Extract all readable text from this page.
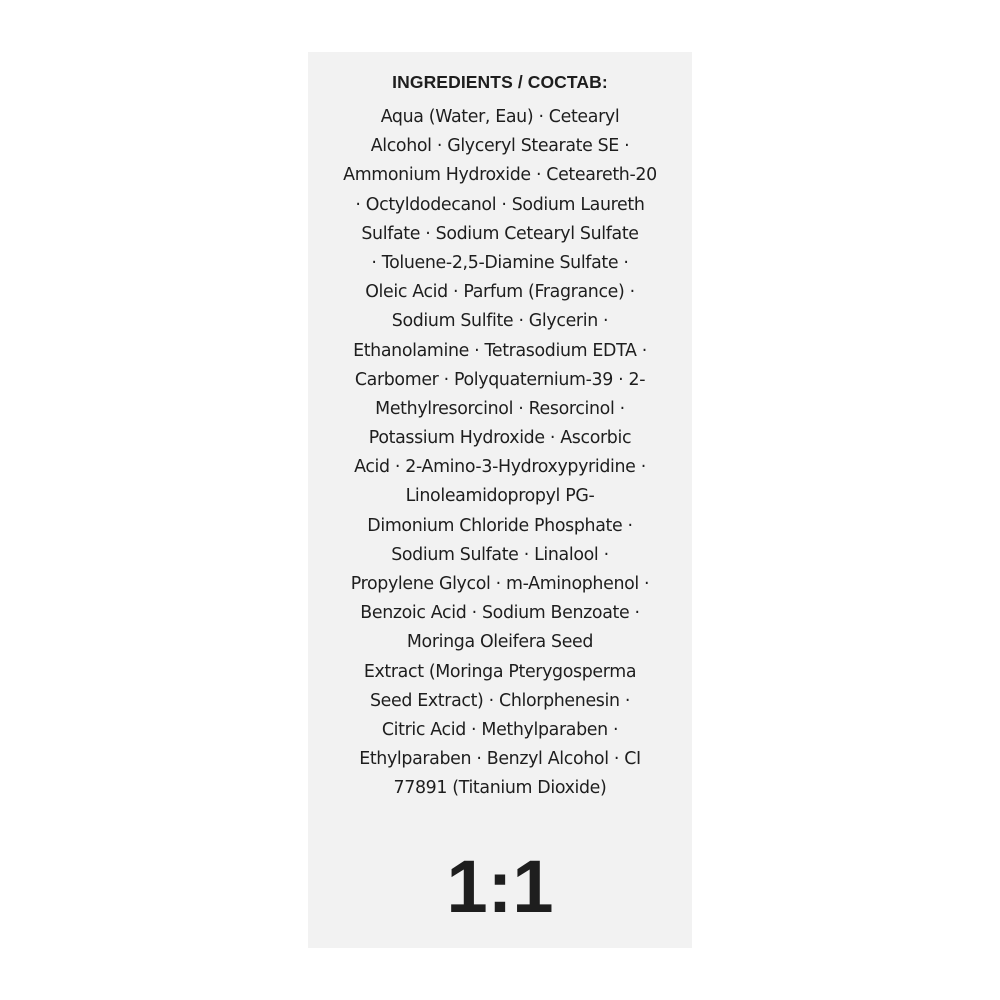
INGREDIENTS / COCTAB:
Aqua (Water, Eau) · Cetearyl
Alcohol · Glyceryl Stearate SE ·
Ammonium Hydroxide · Ceteareth-20
· Octyldodecanol · Sodium Laureth
Sulfate · Sodium Cetearyl Sulfate
· Toluene-2,5-Diamine Sulfate ·
Oleic Acid · Parfum (Fragrance) ·
Sodium Sulfite · Glycerin ·
Ethanolamine · Tetrasodium EDTA ·
Carbomer · Polyquaternium-39 · 2-
Methylresorcinol · Resorcinol ·
Potassium Hydroxide · Ascorbic
Acid · 2-Amino-3-Hydroxypyridine ·
Linoleamidopropyl PG-
Dimonium Chloride Phosphate ·
Sodium Sulfate · Linalool ·
Propylene Glycol · m-Aminophenol ·
Benzoic Acid · Sodium Benzoate ·
Moringa Oleifera Seed
Extract (Moringa Pterygosperma
Seed Extract) · Chlorphenesin ·
Citric Acid · Methylparaben ·
Ethylparaben · Benzyl Alcohol · CI
77891 (Titanium Dioxide)
1:1
